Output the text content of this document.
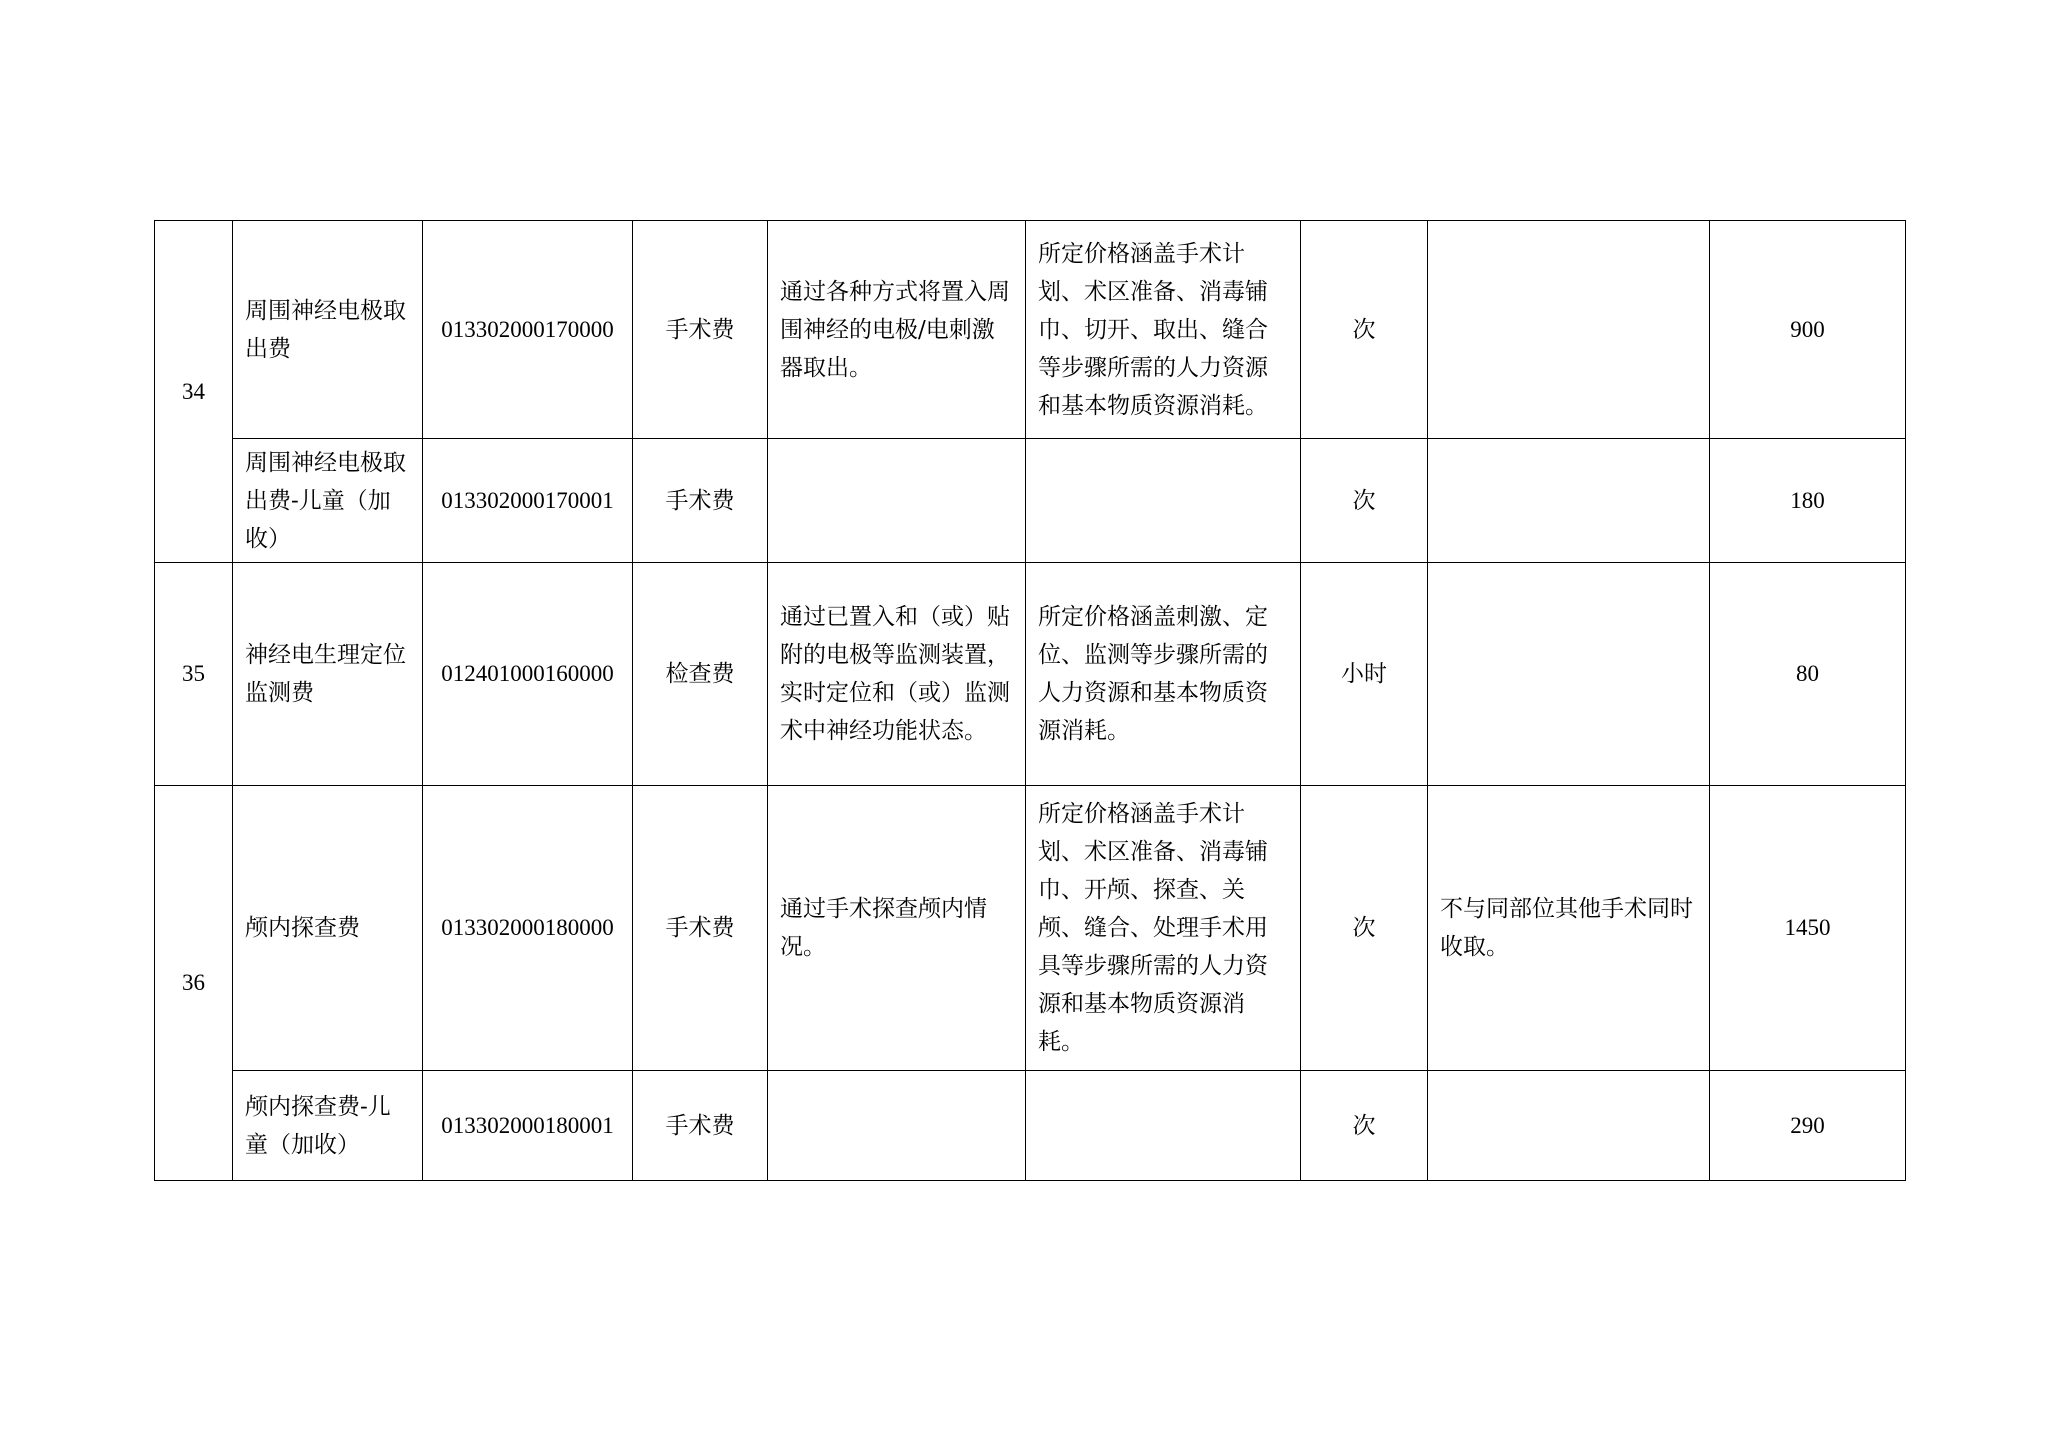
34	周围神经电极取出费	013302000170000	手术费	通过各种方式将置入周围神经的电极/电刺激器取出。	所定价格涵盖手术计划、术区准备、消毒铺巾、切开、取出、缝合等步骤所需的人力资源和基本物质资源消耗。	次		900
	周围神经电极取出费-儿童（加收）	013302000170001	手术费			次		180
35	神经电生理定位监测费	012401000160000	检查费	通过已置入和（或）贴附的电极等监测装置，实时定位和（或）监测术中神经功能状态。	所定价格涵盖刺激、定位、监测等步骤所需的人力资源和基本物质资源消耗。	小时		80
36	颅内探查费	013302000180000	手术费	通过手术探查颅内情况。	所定价格涵盖手术计划、术区准备、消毒铺巾、开颅、探查、关颅、缝合、处理手术用具等步骤所需的人力资源和基本物质资源消耗。	次	不与同部位其他手术同时收取。	1450
	颅内探查费-儿童（加收）	013302000180001	手术费			次		290
